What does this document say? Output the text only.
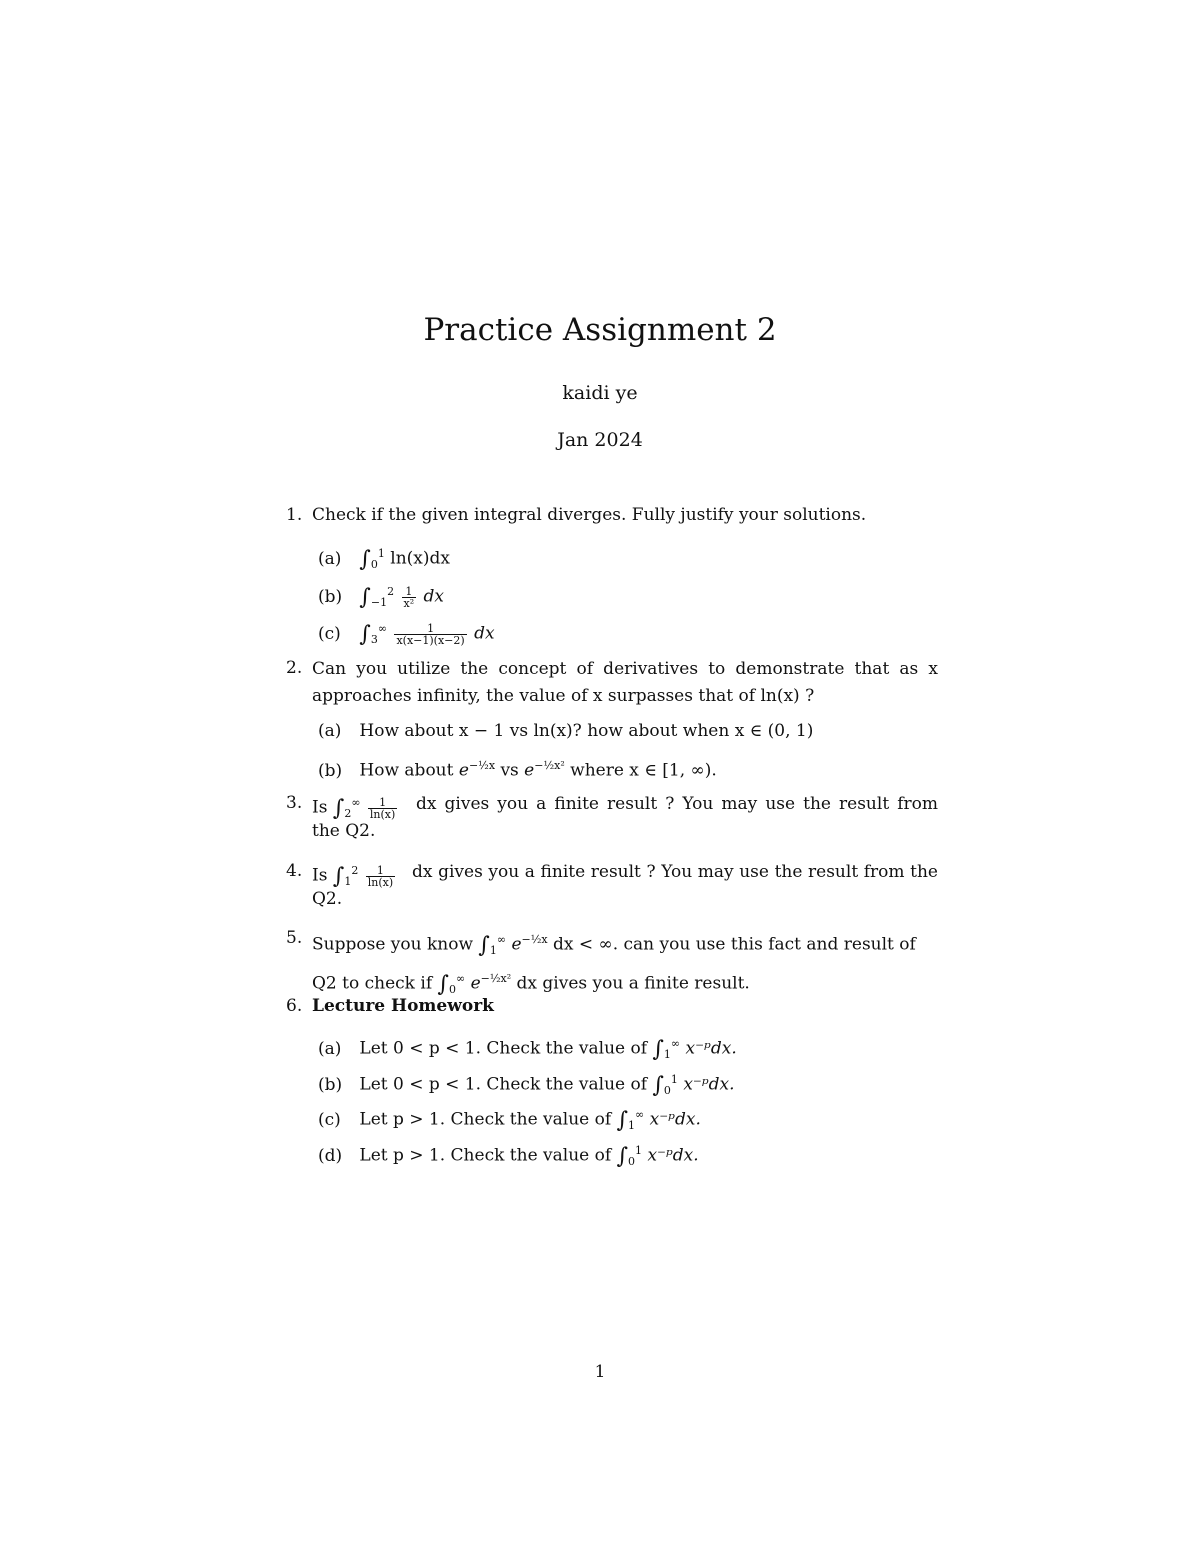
Practice Assignment 2
kaidi ye
Jan 2024
1. Check if the given integral diverges. Fully justify your solutions.
(a) $\int_0^1$ ln(x)dx
(b) $\int_{-1}^2 \frac{1}{\text{x²}}$ dx
(c) $\int_3^\infty \frac{1}{x(x-1)(x-2)}$ dx
2. Can you utilize the concept of derivatives to demonstrate that as x approaches infinity, the value of x surpasses that of ln(x) ?
(a) How about x − 1 vs ln(x)? how about when x ∈ (0, 1)
(b) How about $e^{-\frac{1}{2}x}$ vs $e^{-\frac{1}{2}x^2}$ where x ∈ [1, ∞).
3. Is $\int_2^\infty \frac{1}{\ln(x)}$	dx gives you a finite result ? You may use the result from the Q2.
4. Is $\int_1^2 \frac{1}{\ln(x)}$ dx gives you a finite result ? You may use the result from the Q2.
5. Suppose you know $\int_1^\infty$ $e^{-\frac{1}{2}x}$ dx < ∞. can you use this fact and result of Q2 to check if $\int_0^\infty$ $e^{-\frac{1}{2}x^2}$ dx gives you a finite result.
6. Lecture Homework
(a) Let 0 < p < 1. Check the value of $\int_1^\infty$ x⁻ᵖdx.
(b) Let 0 < p < 1. Check the value of $\int_0^1$ x⁻ᵖdx.
(c) Let p > 1. Check the value of $\int_1^\infty$ x⁻ᵖdx.
(d) Let p > 1. Check the value of $\int_0^1$ x⁻ᵖdx.
1
